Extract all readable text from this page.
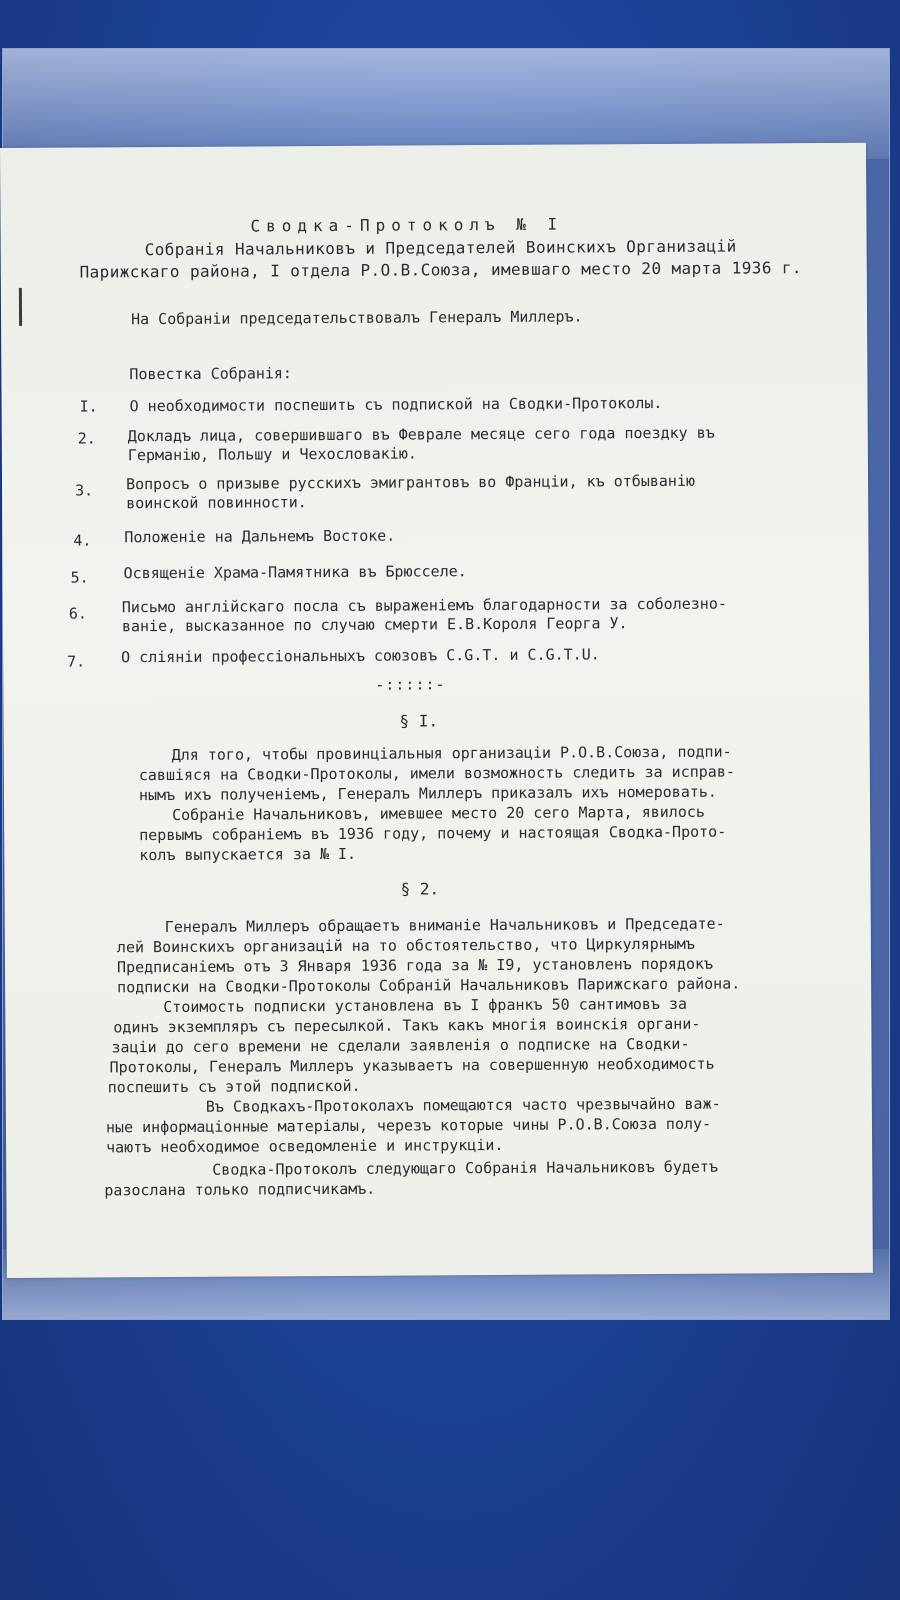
Сводка-Протоколъ № I
Собранія Начальниковъ и Председателей Воинскихъ Организацій
Парижскаго района, I отдела Р.О.В.Союза, имевшаго место 20 марта 1936 г.
На Собраніи председательствовалъ Генералъ Миллеръ.
Повестка Собранія:
I.	О необходимости поспешить съ подпиской на Сводки-Протоколы.
2.	Докладъ лица, совершившаго въ Феврале месяце сего года поездку въ
Германію, Польшу и Чехословакію.
3.	Вопросъ о призыве русскихъ эмигрантовъ во Франціи, къ отбыванію
воинской повинности.
4.	Положеніе на Дальнемъ Востоке.
5.	Освященіе Храма-Памятника въ Брюсселе.
6.	Письмо англійскаго посла съ выраженіемъ благодарности за соболезно-
ваніе, высказанное по случаю смерти Е.В.Короля Георга У.
7.	О сліяніи профессіональныхъ союзовъ C.G.T. и C.G.T.U.
-:::::-
§ I.
Для того, чтобы провинціальныя организаціи Р.О.В.Союза, подпи-
савшіяся на Сводки-Протоколы, имели возможность следить за исправ-
нымъ ихъ полученіемъ, Генералъ Миллеръ приказалъ ихъ номеровать.
Собраніе Начальниковъ, имевшее место 20 сего Марта, явилось
первымъ собраніемъ въ 1936 году, почему и настоящая Сводка-Прото-
колъ выпускается за № I.
§ 2.
Генералъ Миллеръ обращаетъ вниманіе Начальниковъ и Председате-
лей Воинскихъ организацій на то обстоятельство, что Циркулярнымъ
Предписаніемъ отъ 3 Января 1936 года за № I9, установленъ порядокъ
подписки на Сводки-Протоколы Собраній Начальниковъ Парижскаго района.
Стоимость подписки установлена въ I франкъ 50 сантимовъ за
одинъ экземпляръ съ пересылкой. Такъ какъ многія воинскія органи-
заціи до сего времени не сделали заявленія о подписке на Сводки-
Протоколы, Генералъ Миллеръ указываетъ на совершенную необходимость
поспешить съ этой подпиской.
Въ Сводкахъ-Протоколахъ помещаются часто чрезвычайно важ-
ные информаціонные матеріалы, черезъ которые чины Р.О.В.Союза полу-
чаютъ необходимое осведомленіе и инструкціи.
Сводка-Протоколъ следующаго Собранія Начальниковъ будетъ
разослана только подписчикамъ.
